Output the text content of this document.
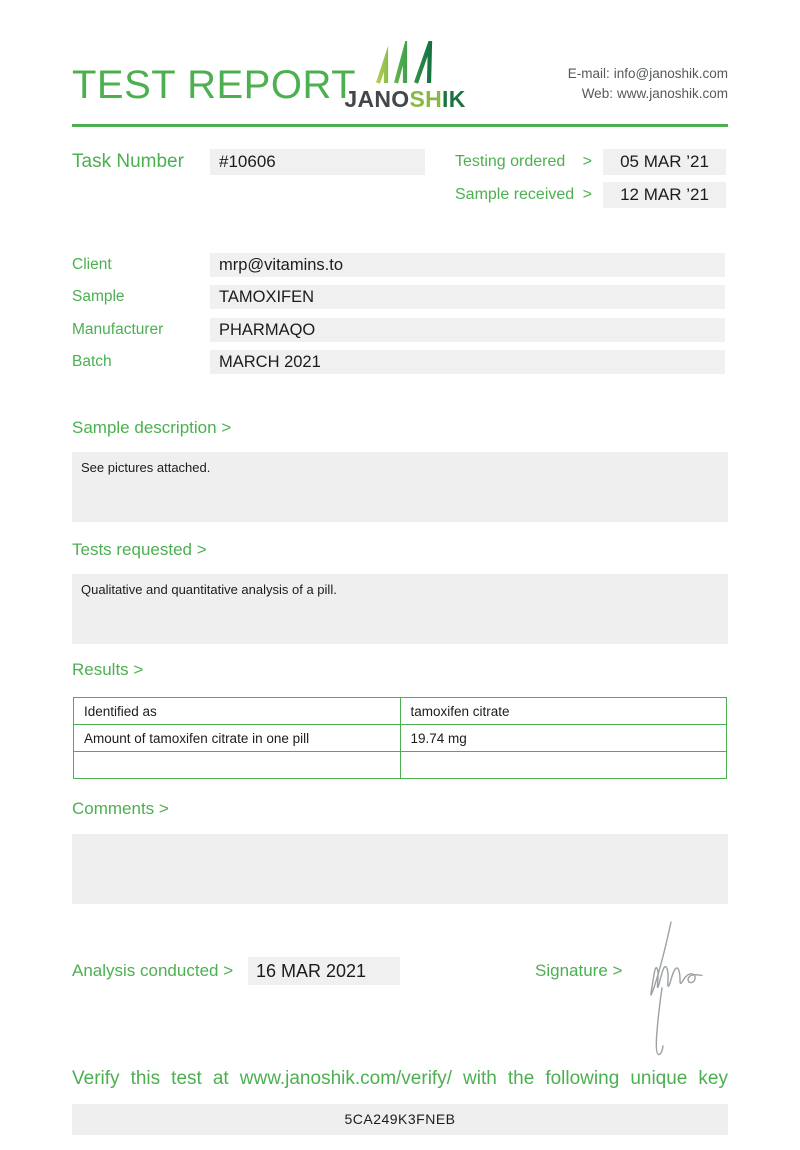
TEST REPORT
JANOSHIK
E-mail: info@janoshik.com
Web: www.janoshik.com
Task Number	#10606	Testing ordered >	05 MAR ’21
Sample received >	12 MAR ’21
Client	mrp@vitamins.to
Sample	TAMOXIFEN
Manufacturer	PHARMAQO
Batch	MARCH 2021
Sample description >
See pictures attached.
Tests requested >
Qualitative and quantitative analysis of a pill.
Results >
Identified as	tamoxifen citrate
Amount of tamoxifen citrate in one pill	19.74 mg

Comments >
Analysis conducted >	16 MAR 2021	Signature >
Verify this test at www.janoshik.com/verify/ with the following unique key
5CA249K3FNEB
